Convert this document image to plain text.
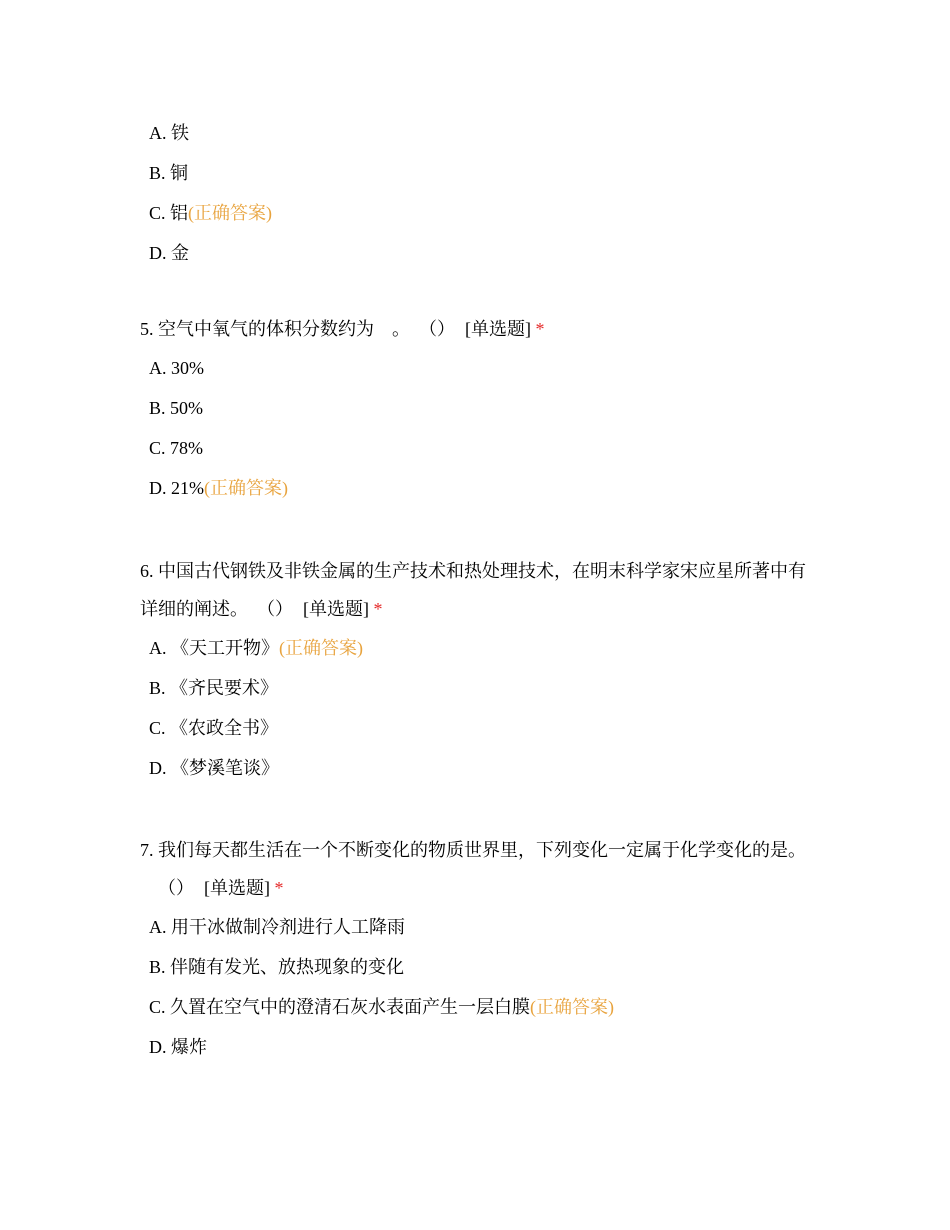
A. 铁
B. 铜
C. 铝(正确答案)
D. 金

5. 空气中氧气的体积分数约为　。 （） [单选题] *

A. 30%
B. 50%
C. 78%
D. 21%(正确答案)

6. 中国古代钢铁及非铁金属的生产技术和热处理技术，在明末科学家宋应星所著中有详细的阐述。 （） [单选题] *

A. 《天工开物》(正确答案)
B. 《齐民要术》
C. 《农政全书》
D. 《梦溪笔谈》

7. 我们每天都生活在一个不断变化的物质世界里，下列变化一定属于化学变化的是。（） [单选题] *

A. 用干冰做制冷剂进行人工降雨
B. 伴随有发光、放热现象的变化
C. 久置在空气中的澄清石灰水表面产生一层白膜(正确答案)
D. 爆炸
